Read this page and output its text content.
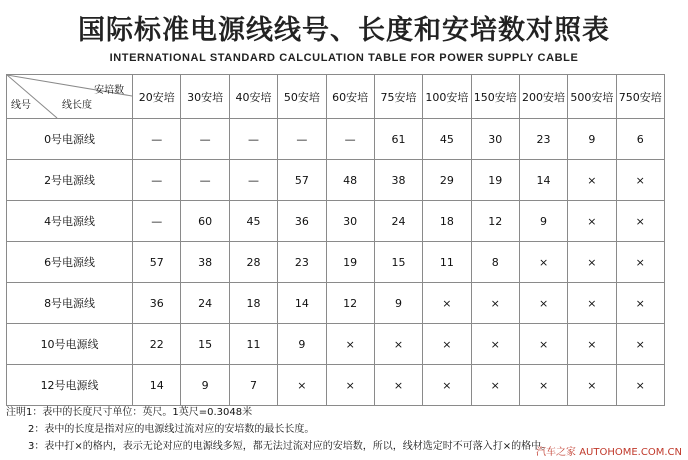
国际标准电源线线号、长度和安培数对照表
INTERNATIONAL STANDARD CALCULATION TABLE FOR POWER SUPPLY CABLE
安培数
线长度
线号	20安培	30安培	40安培	50安培	60安培	75安培	100安培	150安培	200安培	500安培	750安培
0号电源线	—	—	—	—	—	61	45	30	23	9	6
2号电源线	—	—	—	57	48	38	29	19	14	×	×
4号电源线	—	60	45	36	30	24	18	12	9	×	×
6号电源线	57	38	28	23	19	15	11	8	×	×	×
8号电源线	36	24	18	14	12	9	×	×	×	×	×
10号电源线	22	15	11	9	×	×	×	×	×	×	×
12号电源线	14	9	7	×	×	×	×	×	×	×	×
注明1：表中的长度尺寸单位：英尺。1英尺=0.3048米
2：表中的长度是指对应的电源线过流对应的安培数的最长长度。
3：表中打×的格内，表示无论对应的电源线多短，都无法过流对应的安培数，所以，线材选定时不可落入打×的格中。
汽车之家 AUTOHOME.COM.CN
